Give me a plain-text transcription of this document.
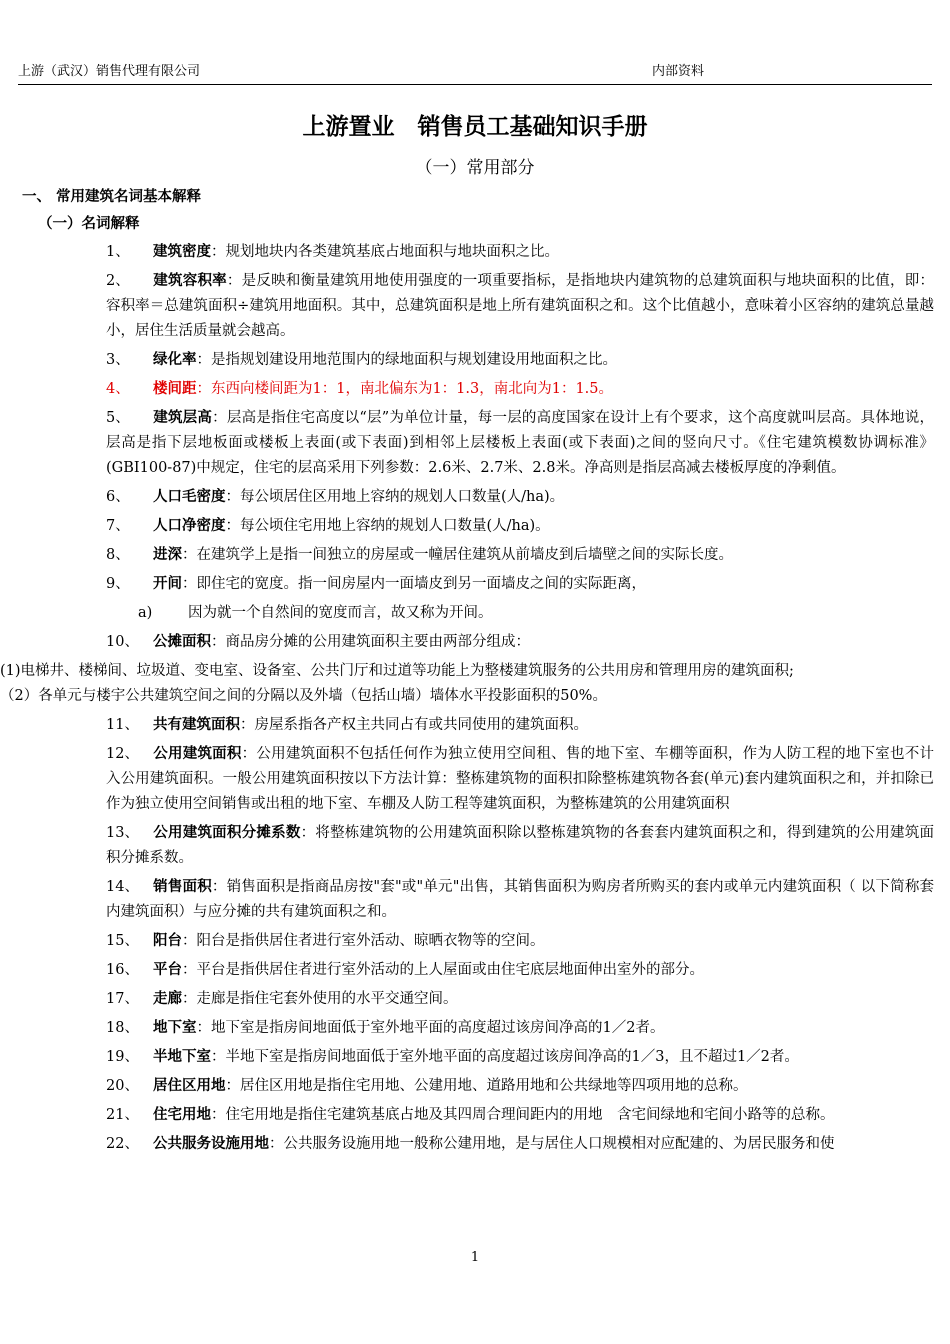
上游（武汉）销售代理有限公司	内部资料
上游置业　销售员工基础知识手册
（一）常用部分
一、 常用建筑名词基本解释
（一）名词解释

1、 建筑密度：规划地块内各类建筑基底占地面积与地块面积之比。

2、 建筑容积率：是反映和衡量建筑用地使用强度的一项重要指标，是指地块内建筑物的总建筑面积与地块面积的比值，即：容积率＝总建筑面积÷建筑用地面积。其中，总建筑面积是地上所有建筑面积之和。这个比值越小，意味着小区容纳的建筑总量越小，居住生活质量就会越高。

3、 绿化率：是指规划建设用地范围内的绿地面积与规划建设用地面积之比。

4、 楼间距：东西向楼间距为1：1，南北偏东为1：1.3，南北向为1：1.5。

5、 建筑层高：层高是指住宅高度以“层”为单位计量，每一层的高度国家在设计上有个要求，这个高度就叫层高。具体地说，层高是指下层地板面或楼板上表面(或下表面)到相邻上层楼板上表面(或下表面)之间的竖向尺寸。《住宅建筑模数协调标准》(GBI100-87)中规定，住宅的层高采用下列参数：2.6米、2.7米、2.8米。净高则是指层高减去楼板厚度的净剩值。

6、 人口毛密度：每公顷居住区用地上容纳的规划人口数量(人/ha)。

7、 人口净密度：每公顷住宅用地上容纳的规划人口数量(人/ha)。

8、 进深：在建筑学上是指一间独立的房屋或一幢居住建筑从前墙皮到后墙壁之间的实际长度。

9、 开间：即住宅的宽度。指一间房屋内一面墙皮到另一面墙皮之间的实际距离，

a) 因为就一个自然间的宽度而言，故又称为开间。

10、 公摊面积：商品房分摊的公用建筑面积主要由两部分组成：

(1)电梯井、楼梯间、垃圾道、变电室、设备室、公共门厅和过道等功能上为整楼建筑服务的公共用房和管理用房的建筑面积;

（2）各单元与楼宇公共建筑空间之间的分隔以及外墙（包括山墙）墙体水平投影面积的50%。

11、 共有建筑面积：房屋系指各产权主共同占有或共同使用的建筑面积。

12、 公用建筑面积：公用建筑面积不包括任何作为独立使用空间租、售的地下室、车棚等面积，作为人防工程的地下室也不计入公用建筑面积。一般公用建筑面积按以下方法计算：整栋建筑物的面积扣除整栋建筑物各套(单元)套内建筑面积之和，并扣除已作为独立使用空间销售或出租的地下室、车棚及人防工程等建筑面积，为整栋建筑的公用建筑面积

13、 公用建筑面积分摊系数：将整栋建筑物的公用建筑面积除以整栋建筑物的各套套内建筑面积之和，得到建筑的公用建筑面积分摊系数。

14、 销售面积：销售面积是指商品房按"套"或"单元"出售，其销售面积为购房者所购买的套内或单元内建筑面积（ 以下简称套内建筑面积）与应分摊的共有建筑面积之和。

15、 阳台：阳台是指供居住者进行室外活动、晾晒衣物等的空间。

16、 平台：平台是指供居住者进行室外活动的上人屋面或由住宅底层地面伸出室外的部分。

17、 走廊：走廊是指住宅套外使用的水平交通空间。

18、 地下室：地下室是指房间地面低于室外地平面的高度超过该房间净高的1／2者。

19、 半地下室：半地下室是指房间地面低于室外地平面的高度超过该房间净高的1／3，且不超过1／2者。

20、 居住区用地：居住区用地是指住宅用地、公建用地、道路用地和公共绿地等四项用地的总称。

21、 住宅用地：住宅用地是指住宅建筑基底占地及其四周合理间距内的用地　含宅间绿地和宅间小路等的总称。

22、 公共服务设施用地：公共服务设施用地一般称公建用地，是与居住人口规模相对应配建的、为居民服务和使

1
